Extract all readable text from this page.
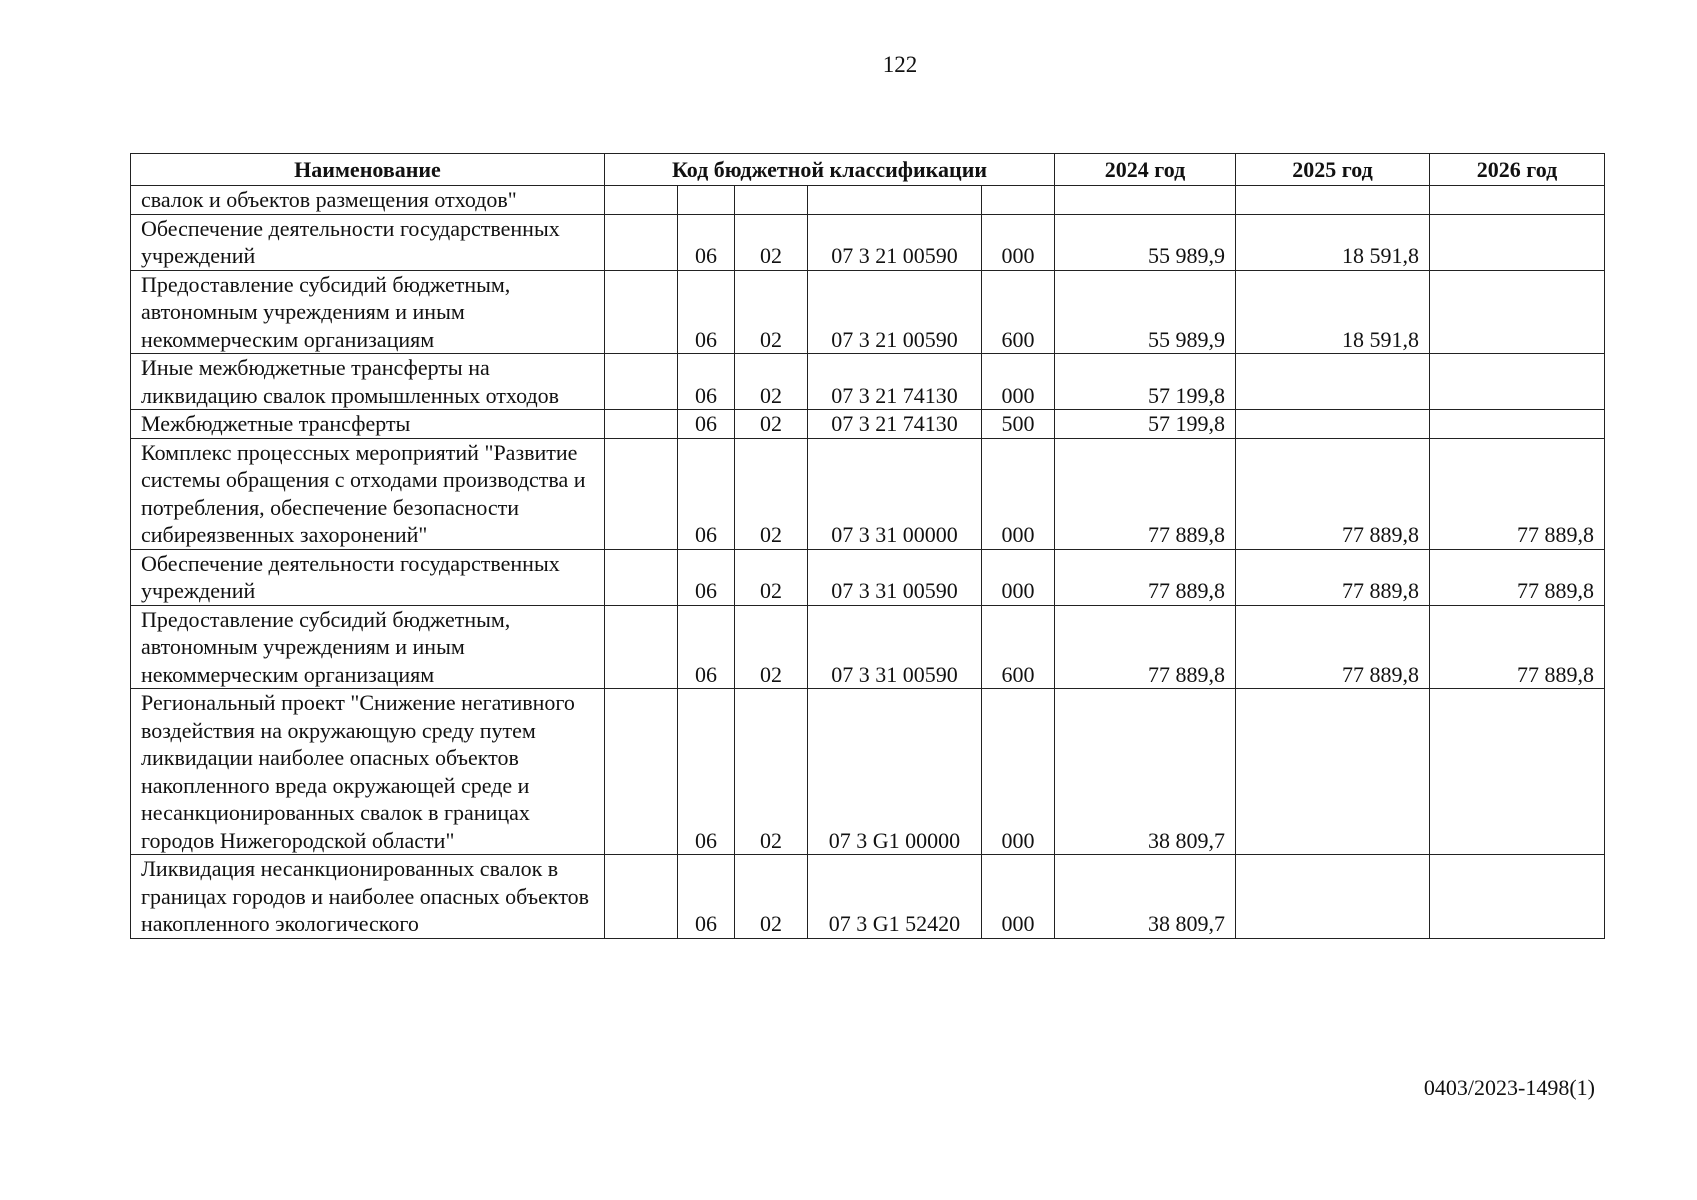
122
Наименование	Код бюджетной классификации					2024 год	2025 год	2026 год
свалок и объектов размещения отходов"								
Обеспечение деятельности государственных учреждений		06	02	07 3 21 00590	000	55 989,9	18 591,8	
Предоставление субсидий бюджетным, автономным учреждениям и иным некоммерческим организациям		06	02	07 3 21 00590	600	55 989,9	18 591,8	
Иные межбюджетные трансферты на ликвидацию свалок промышленных отходов		06	02	07 3 21 74130	000	57 199,8		
Межбюджетные трансферты		06	02	07 3 21 74130	500	57 199,8		
Комплекс процессных мероприятий "Развитие системы обращения с отходами производства и потребления, обеспечение безопасности сибиреязвенных захоронений"		06	02	07 3 31 00000	000	77 889,8	77 889,8	77 889,8
Обеспечение деятельности государственных учреждений		06	02	07 3 31 00590	000	77 889,8	77 889,8	77 889,8
Предоставление субсидий бюджетным, автономным учреждениям и иным некоммерческим организациям		06	02	07 3 31 00590	600	77 889,8	77 889,8	77 889,8
Региональный проект "Снижение негативного воздействия на окружающую среду путем ликвидации наиболее опасных объектов накопленного вреда окружающей среде и несанкционированных свалок в границах городов Нижегородской области"		06	02	07 3 G1 00000	000	38 809,7		
Ликвидация несанкционированных свалок в границах городов и наиболее опасных объектов накопленного экологического		06	02	07 3 G1 52420	000	38 809,7		
0403/2023-1498(1)
